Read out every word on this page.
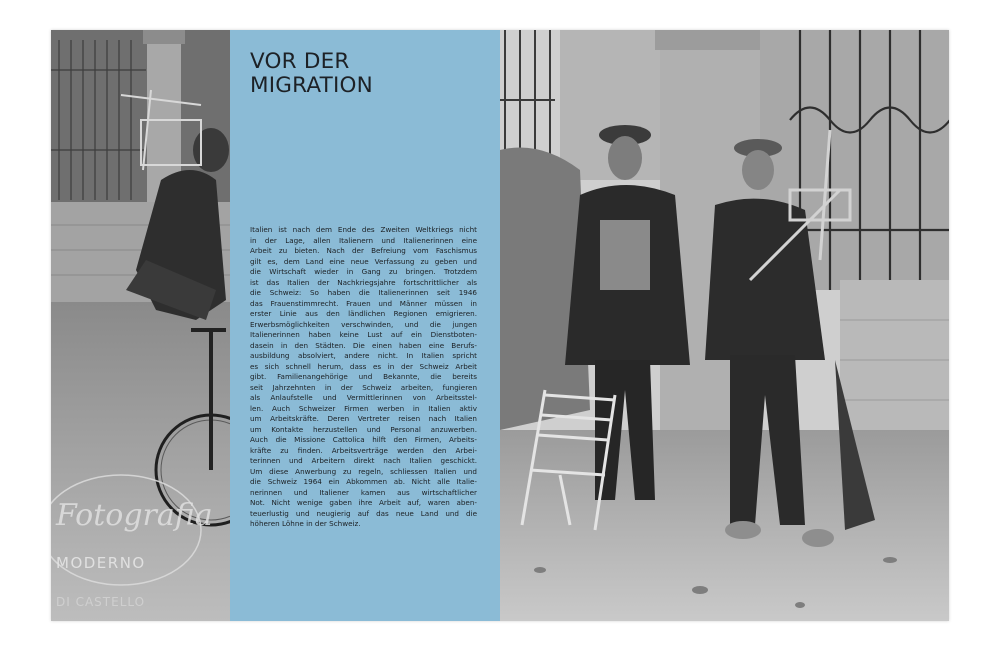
Fotografia
MODERNO
DI CASTELLO
VOR DER
MIGRATION
Italien ist nach dem Ende des Zweiten Weltkriegs nicht
in der Lage, allen Italienern und Italienerinnen eine
Arbeit zu bieten. Nach der Befreiung vom Faschismus
gilt es, dem Land eine neue Verfassung zu geben und
die Wirtschaft wieder in Gang zu bringen. Trotzdem
ist das Italien der Nachkriegsjahre fortschrittlicher als
die Schweiz: So haben die Italienerinnen seit 1946
das Frauenstimmrecht. Frauen und Männer müssen in
erster Linie aus den ländlichen Regionen emigrieren.
Erwerbsmöglichkeiten verschwinden, und die jungen
Italienerinnen haben keine Lust auf ein Dienstboten-
dasein in den Städten. Die einen haben eine Berufs-
ausbildung absolviert, andere nicht. In Italien spricht
es sich schnell herum, dass es in der Schweiz Arbeit
gibt. Familienangehörige und Bekannte, die bereits
seit Jahrzehnten in der Schweiz arbeiten, fungieren
als Anlaufstelle und Vermittlerinnen von Arbeitsstel-
len. Auch Schweizer Firmen werben in Italien aktiv
um Arbeitskräfte. Deren Vertreter reisen nach Italien
um Kontakte herzustellen und Personal anzuwerben.
Auch die Missione Cattolica hilft den Firmen, Arbeits-
kräfte zu finden. Arbeitsverträge werden den Arbei-
terinnen und Arbeitern direkt nach Italien geschickt.
Um diese Anwerbung zu regeln, schliessen Italien und
die Schweiz 1964 ein Abkommen ab. Nicht alle Italie-
nerinnen und Italiener kamen aus wirtschaftlicher
Not. Nicht wenige gaben ihre Arbeit auf, waren aben-
teuerlustig und neugierig auf das neue Land und die
höheren Löhne in der Schweiz.
